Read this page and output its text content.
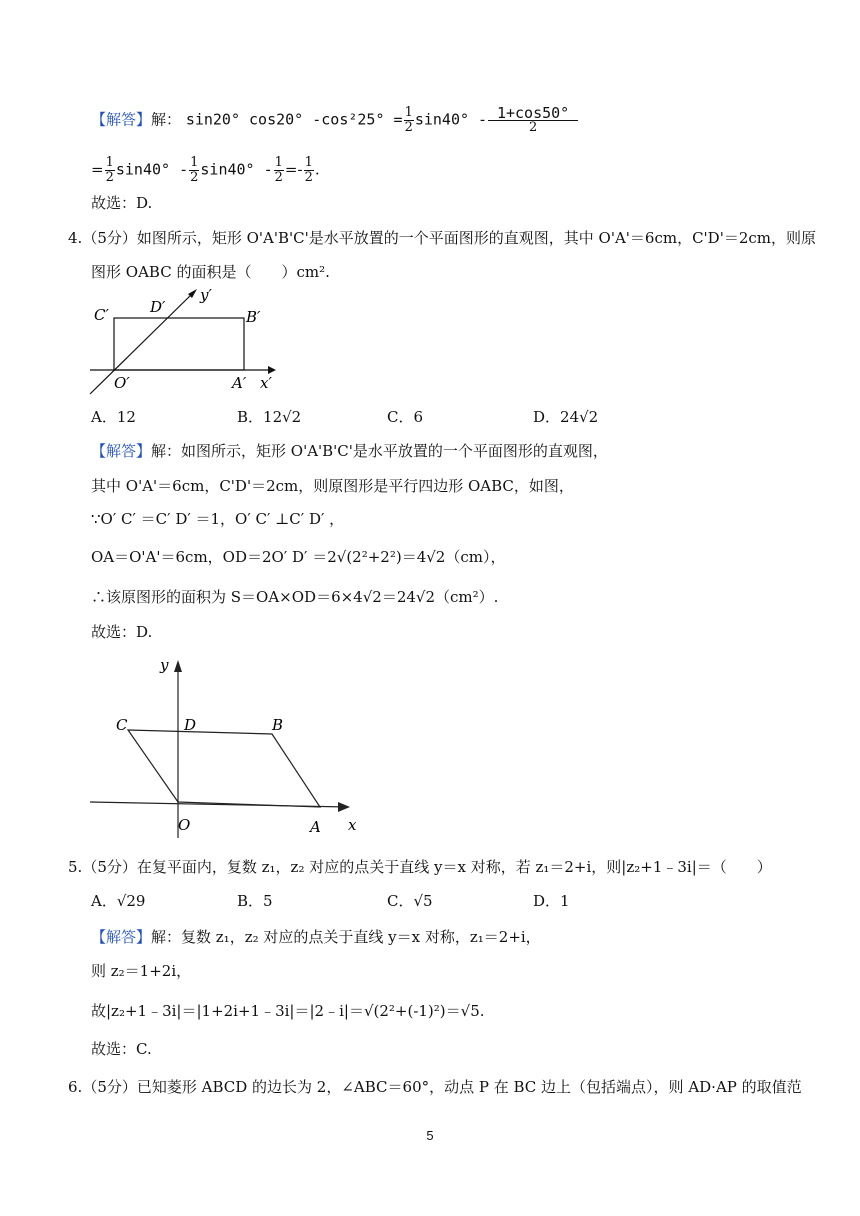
【解答】解： sin20° cos20° $-\cos^225^\circ = \frac{1}{2} \sin 40^\circ - \frac{1+\cos 50^\circ}{2}$
= $\frac{1}{2} \sin 40^\circ - \frac{1}{2} \sin 40^\circ - \frac{1}{2} =- \frac{1}{2}$ .
故选：D.
4.（5分）如图所示，矩形 O'A'B'C'是水平放置的一个平面图形的直观图，其中 O'A'＝6cm，C'D'＝2cm，则原
图形 OABC 的面积是（　　）cm².
C′	D′
y′
B′
O′	A′ x′
A．12	B．12√2	C．6	D．24√2
【解答】解：如图所示，矩形 O'A'B'C'是水平放置的一个平面图形的直观图，
其中 O'A'＝6cm，C'D'＝2cm，则原图形是平行四边形 OABC，如图，
∵O′ C′ ＝C′ D′ ＝1，O′ C′ ⊥C′ D′ ，
OA＝O'A'＝6cm，OD＝2O′ D′ ＝2√(2²+2²)＝4√2（cm），
∴该原图形的面积为 S＝OA×OD＝6×4√2＝24√2（cm²）.
故选：D.
y
C	D	B
O	A x
5.（5分）在复平面内，复数 z₁，z₂ 对应的点关于直线 y＝x 对称，若 z₁＝2+i，则|z₂+1﹣3i|＝（　　）
A．√29	B．5	C．√5	D．1
【解答】解：复数 z₁，z₂ 对应的点关于直线 y＝x 对称，z₁＝2+i，
则 z₂＝1+2i，
故|z₂+1﹣3i|＝|1+2i+1﹣3i|＝|2﹣i|＝√(2²+(-1)²)＝√5.
故选：C.
6.（5分）已知菱形 ABCD 的边长为 2，∠ABC＝60°，动点 P 在 BC 边上（包括端点），则 AD·AP 的取值范
5
